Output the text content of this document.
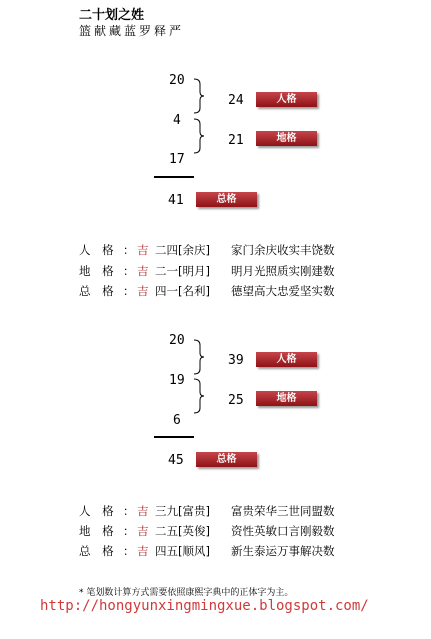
二十划之姓
篮献藏蓝罗释严
20
4
17
24	人格
21	地格
41	总格
人 格 ： 吉 二四[余庆] 家门余庆收实丰饶数
地 格 ： 吉 二一[明月] 明月光照质实刚建数
总 格 ： 吉 四一[名利] 德望高大忠爱坚实数
20
19
6
39	人格
25	地格
45	总格
人 格 ： 吉 三九[富贵] 富贵荣华三世同盟数
地 格 ： 吉 二五[英俊] 资性英敏口言刚毅数
总 格 ： 吉 四五[顺风] 新生泰运万事解决数
* 笔划数计算方式需要依照康熙字典中的正体字为主。
http://hongyunxingmingxue.blogspot.com/
